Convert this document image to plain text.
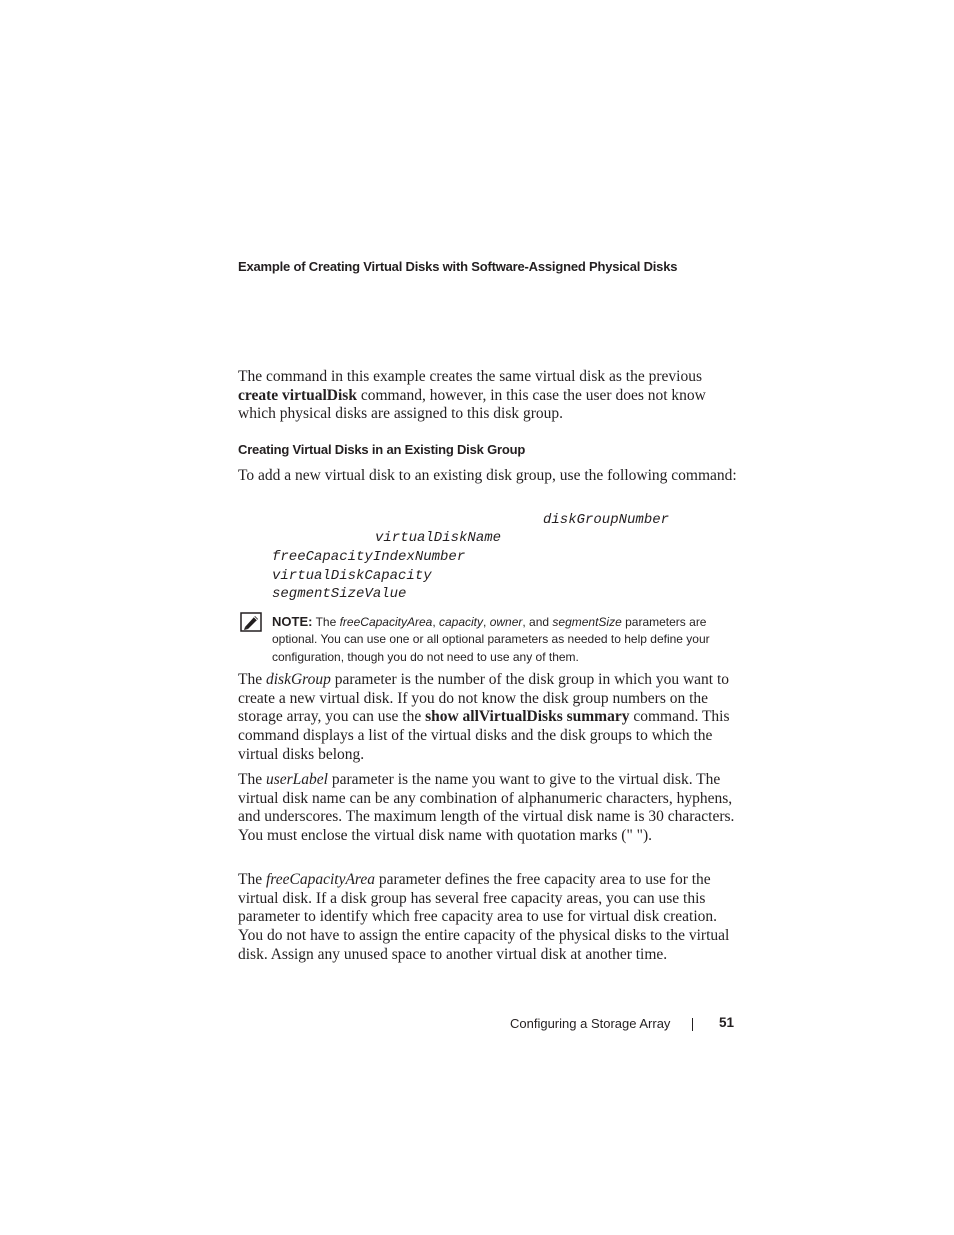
Example of Creating Virtual Disks with Software-Assigned Physical Disks

The command in this example creates the same virtual disk as the previous create virtualDisk command, however, in this case the user does not know which physical disks are assigned to this disk group.

Creating Virtual Disks in an Existing Disk Group

To add a new virtual disk to an existing disk group, use the following command:

diskGroupNumber
virtualDiskName
freeCapacityIndexNumber
virtualDiskCapacity
segmentSizeValue
NOTE: The freeCapacityArea, capacity, owner, and segmentSize parameters are optional. You can use one or all optional parameters as needed to help define your configuration, though you do not need to use any of them.

The diskGroup parameter is the number of the disk group in which you want to create a new virtual disk. If you do not know the disk group numbers on the storage array, you can use the show allVirtualDisks summary command. This command displays a list of the virtual disks and the disk groups to which the virtual disks belong.

The userLabel parameter is the name you want to give to the virtual disk. The virtual disk name can be any combination of alphanumeric characters, hyphens, and underscores. The maximum length of the virtual disk name is 30 characters. You must enclose the virtual disk name with quotation marks (" ").

The freeCapacityArea parameter defines the free capacity area to use for the virtual disk. If a disk group has several free capacity areas, you can use this parameter to identify which free capacity area to use for virtual disk creation. You do not have to assign the entire capacity of the physical disks to the virtual disk. Assign any unused space to another virtual disk at another time.

Configuring a Storage Array	51
